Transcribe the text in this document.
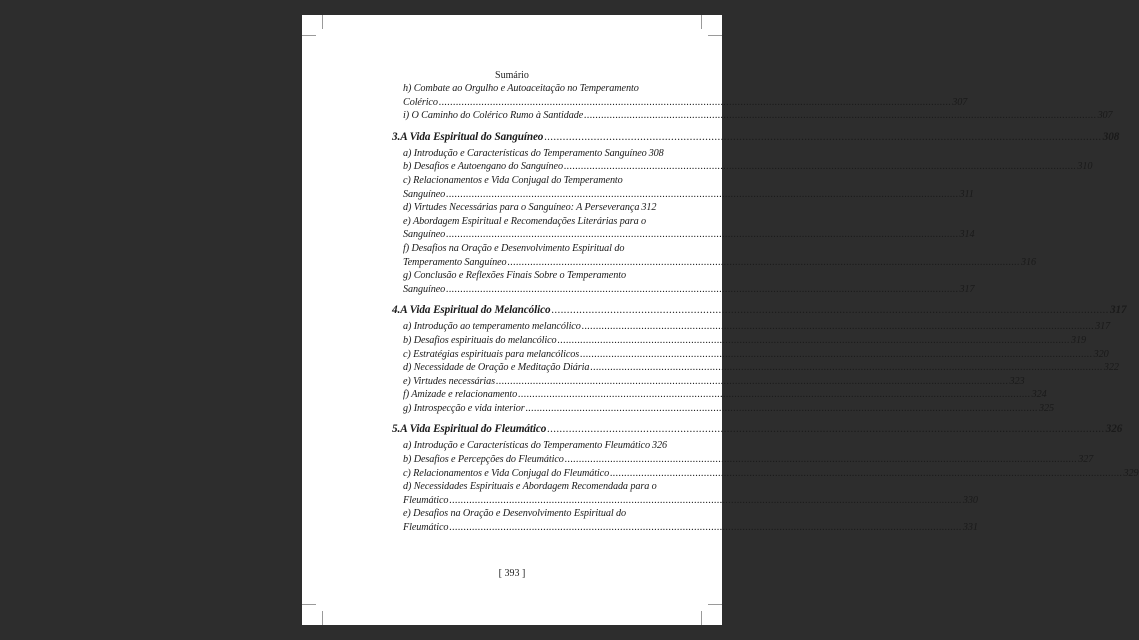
Sumário
h) Combate ao Orgulho e Autoaceitação no Temperamento
Colérico .....	307
i) O Caminho do Colérico Rumo à Santidade .....	307
3.A Vida Espiritual do Sanguíneo .....	308
a) Introdução e Características do Temperamento Sanguíneo 308
b) Desafios e Autoengano do Sanguíneo .....	310
c) Relacionamentos e Vida Conjugal do Temperamento
Sanguíneo .....	311
d) Virtudes Necessárias para o Sanguíneo: A Perseverança 312
e) Abordagem Espiritual e Recomendações Literárias para o
Sanguíneo .....	314
f) Desafios na Oração e Desenvolvimento Espiritual do
Temperamento Sanguíneo .....	316
g) Conclusão e Reflexões Finais Sobre o Temperamento
Sanguíneo .....	317
4.A Vida Espiritual do Melancólico .....	317
a) Introdução ao temperamento melancólico .....	317
b) Desafios espirituais do melancólico .....	319
c) Estratégias espirituais para melancólicos .....	320
d) Necessidade de Oração e Meditação Diária .....	322
e) Virtudes necessárias .....	323
f) Amizade e relacionamento .....	324
g) Introspecção e vida interior .....	325
5.A Vida Espiritual do Fleumático .....	326
a) Introdução e Características do Temperamento Fleumático 326
b) Desafios e Percepções do Fleumático .....	327
c) Relacionamentos e Vida Conjugal do Fleumático .....	329
d) Necessidades Espirituais e Abordagem Recomendada para o
Fleumático .....	330
e) Desafios na Oração e Desenvolvimento Espiritual do
Fleumático .....	331
[ 393 ]
